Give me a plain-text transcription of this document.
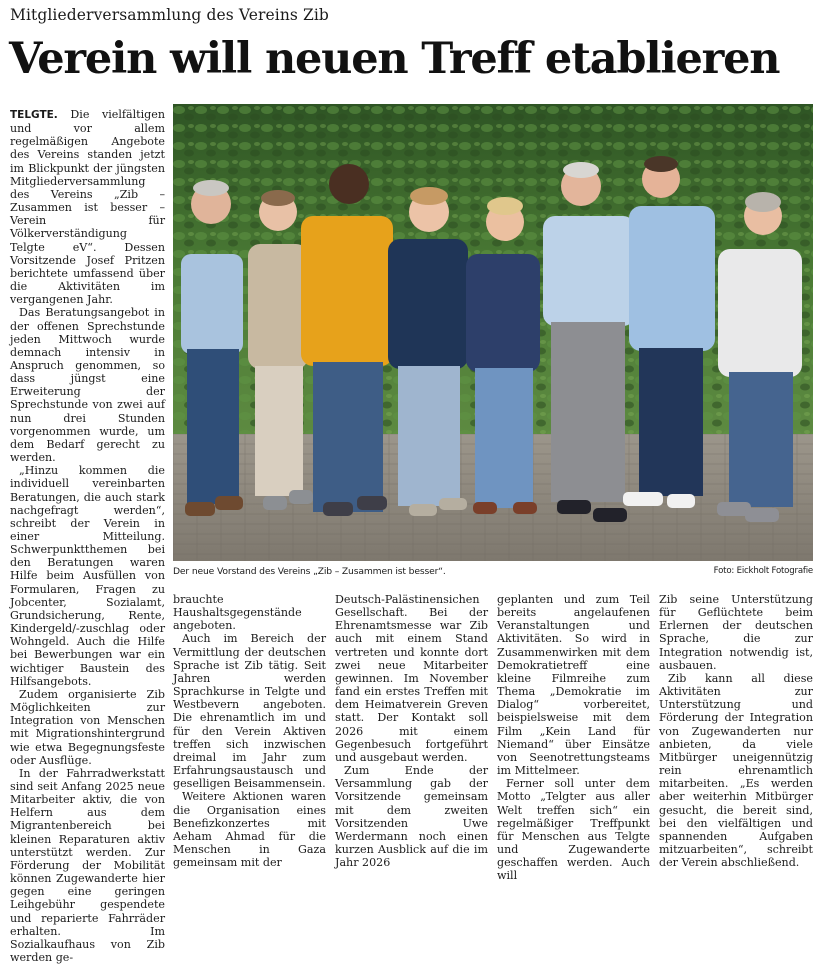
Mitgliederversammlung des Vereins Zib
Verein will neuen Treff etablieren

TELGTE. Die vielfältigen und vor allem regelmäßigen Angebote des Vereins standen jetzt im Blickpunkt der jüngsten Mitgliederversammlung des Vereins „Zib – Zusammen ist besser – Verein für Völkerverständigung Telgte eV“. Dessen Vorsitzende Josef Pritzen berichtete umfassend über die Aktivitäten im vergangenen Jahr.

Das Beratungsangebot in der offenen Sprechstunde jeden Mittwoch wurde demnach intensiv in Anspruch genommen, so dass jüngst eine Erweiterung der Sprechstunde von zwei auf nun drei Stunden vorgenommen wurde, um dem Bedarf gerecht zu werden.

„Hinzu kommen die individuell vereinbarten Beratungen, die auch stark nachgefragt werden“, schreibt der Verein in einer Mitteilung. Schwerpunktthemen bei den Beratungen waren Hilfe beim Ausfüllen von Formularen, Fragen zu Jobcenter, Sozialamt, Grundsicherung, Rente, Kindergeld/-zuschlag oder Wohngeld. Auch die Hilfe bei Bewerbungen war ein wichtiger Baustein des Hilfsangebots.

Zudem organisierte Zib Möglichkeiten zur Integration von Menschen mit Migrationshintergrund wie etwa Begegnungsfeste oder Ausflüge.

In der Fahrradwerkstatt sind seit Anfang 2025 neue Mitarbeiter aktiv, die von Helfern aus dem Migrantenbereich bei kleinen Reparaturen aktiv unterstützt werden. Zur Förderung der Mobilität können Zugewanderte hier gegen eine geringen Leihgebühr gespendete und reparierte Fahrräder erhalten. Im Sozialkaufhaus von Zib werden ge-

Der neue Vorstand des Vereins „Zib – Zusammen ist besser“.	Foto: Eickholt Fotografie

brauchte Haushaltsgegenstände angeboten.

Auch im Bereich der Vermittlung der deutschen Sprache ist Zib tätig. Seit Jahren werden Sprachkurse in Telgte und Westbevern angeboten. Die ehrenamtlich im und für den Verein Aktiven treffen sich inzwischen dreimal im Jahr zum Erfahrungsaustausch und geselligen Beisammensein.

Weitere Aktionen waren die Organisation eines Benefizkonzertes mit Aeham Ahmad für die Menschen in Gaza gemeinsam mit der

Deutsch-Palästinensichen Gesellschaft. Bei der Ehrenamtsmesse war Zib auch mit einem Stand vertreten und konnte dort zwei neue Mitarbeiter gewinnen. Im November fand ein erstes Treffen mit dem Heimatverein Greven statt. Der Kontakt soll 2026 mit einem Gegenbesuch fortgeführt und ausgebaut werden.

Zum Ende der Versammlung gab der Vorsitzende gemeinsam mit dem zweiten Vorsitzenden Uwe Werdermann noch einen kurzen Ausblick auf die im Jahr 2026

geplanten und zum Teil bereits angelaufenen Veranstaltungen und Aktivitäten. So wird in Zusammenwirken mit dem Demokratietreff eine kleine Filmreihe zum Thema „Demokratie im Dialog“ vorbereitet, beispielsweise mit dem Film „Kein Land für Niemand“ über Einsätze von Seenotrettungsteams im Mittelmeer.

Ferner soll unter dem Motto „Telgter aus aller Welt treffen sich“ ein regelmäßiger Treffpunkt für Menschen aus Telgte und Zugewanderte geschaffen werden. Auch will

Zib seine Unterstützung für Geflüchtete beim Erlernen der deutschen Sprache, die zur Integration notwendig ist, ausbauen.

Zib kann all diese Aktivitäten zur Unterstützung und Förderung der Integration von Zugewanderten nur anbieten, da viele Mitbürger uneigennützig rein ehrenamtlich mitarbeiten. „Es werden aber weiterhin Mitbürger gesucht, die bereit sind, bei den vielfältigen und spannenden Aufgaben mitzuarbeiten“, schreibt der Verein abschließend.
